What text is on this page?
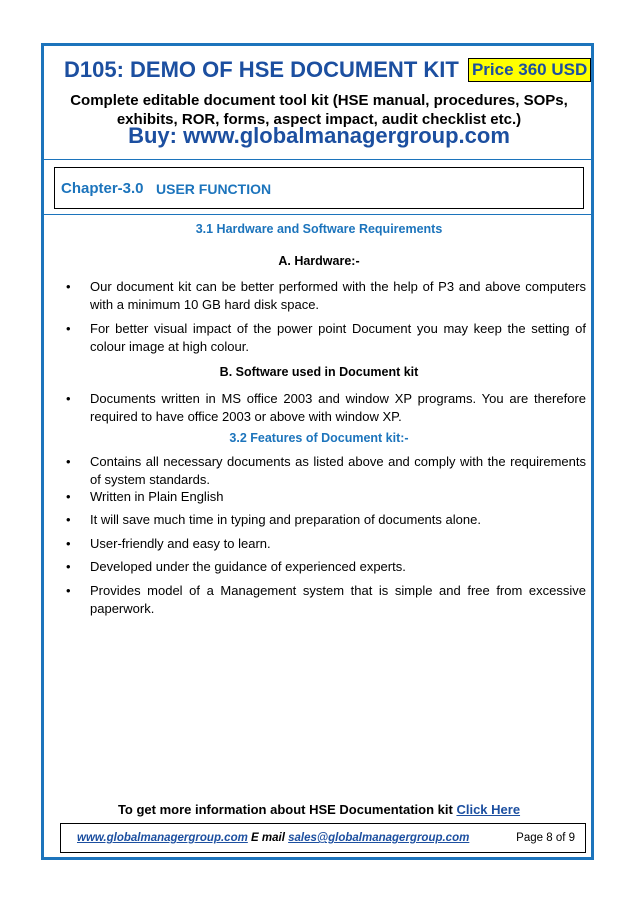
D105: DEMO OF HSE DOCUMENT KIT Price 360 USD
Complete editable document tool kit (HSE manual, procedures, SOPs,
exhibits, ROR, forms, aspect impact, audit checklist etc.)
Buy: www.globalmanagergroup.com
Chapter-3.0 USER FUNCTION
3.1 Hardware and Software Requirements
A. Hardware:-
• Our document kit can be better performed with the help of P3 and above computers
with a minimum 10 GB hard disk space.
• For better visual impact of the power point Document you may keep the setting of
colour image at high colour.
B. Software used in Document kit
• Documents written in MS office 2003 and window XP programs. You are therefore
required to have office 2003 or above with window XP.
3.2 Features of Document kit:-
• Contains all necessary documents as listed above and comply with the requirements
of system standards.
• Written in Plain English
• It will save much time in typing and preparation of documents alone.
• User-friendly and easy to learn.
• Developed under the guidance of experienced experts.
• Provides model of a Management system that is simple and free from excessive
paperwork.
To get more information about HSE Documentation kit Click Here
www.globalmanagergroup.com E mail sales@globalmanagergroup.com	Page 8 of 9
